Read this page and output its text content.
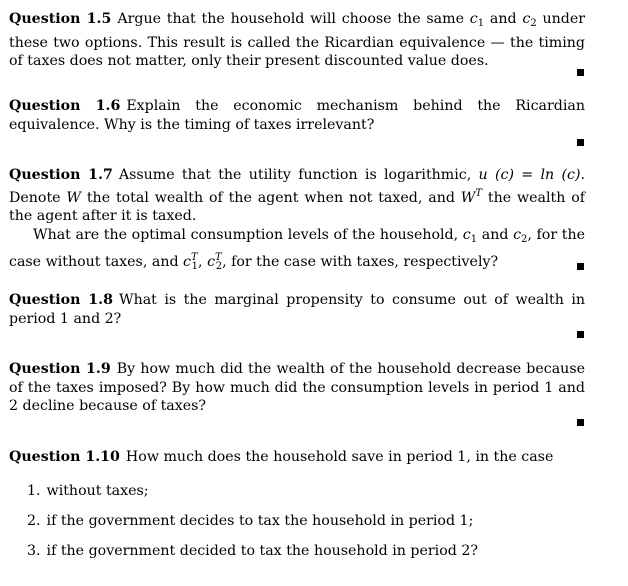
Question 1.5 Argue that the household will choose the same $c_1$ and $c_2$ under these two options. This result is called the Ricardian equivalence — the timing of taxes does not matter, only their present discounted value does.
Question 1.6 Explain the economic mechanism behind the Ricardian equivalence. Why is the timing of taxes irrelevant?
Question 1.7 Assume that the utility function is logarithmic, u (c) = ln (c). Denote W the total wealth of the agent when not taxed, and $W^T$ the wealth of the agent after it is taxed.
What are the optimal consumption levels of the household, $c_1$ and $c_2$, for the case without taxes, and $c^T_1$, $c^T_2$, for the case with taxes, respectively?
Question 1.8 What is the marginal propensity to consume out of wealth in period 1 and 2?
Question 1.9 By how much did the wealth of the household decrease because of the taxes imposed? By how much did the consumption levels in period 1 and 2 decline because of taxes?
Question 1.10 How much does the household save in period 1, in the case
1. without taxes;
2. if the government decides to tax the household in period 1;
3. if the government decided to tax the household in period 2?
